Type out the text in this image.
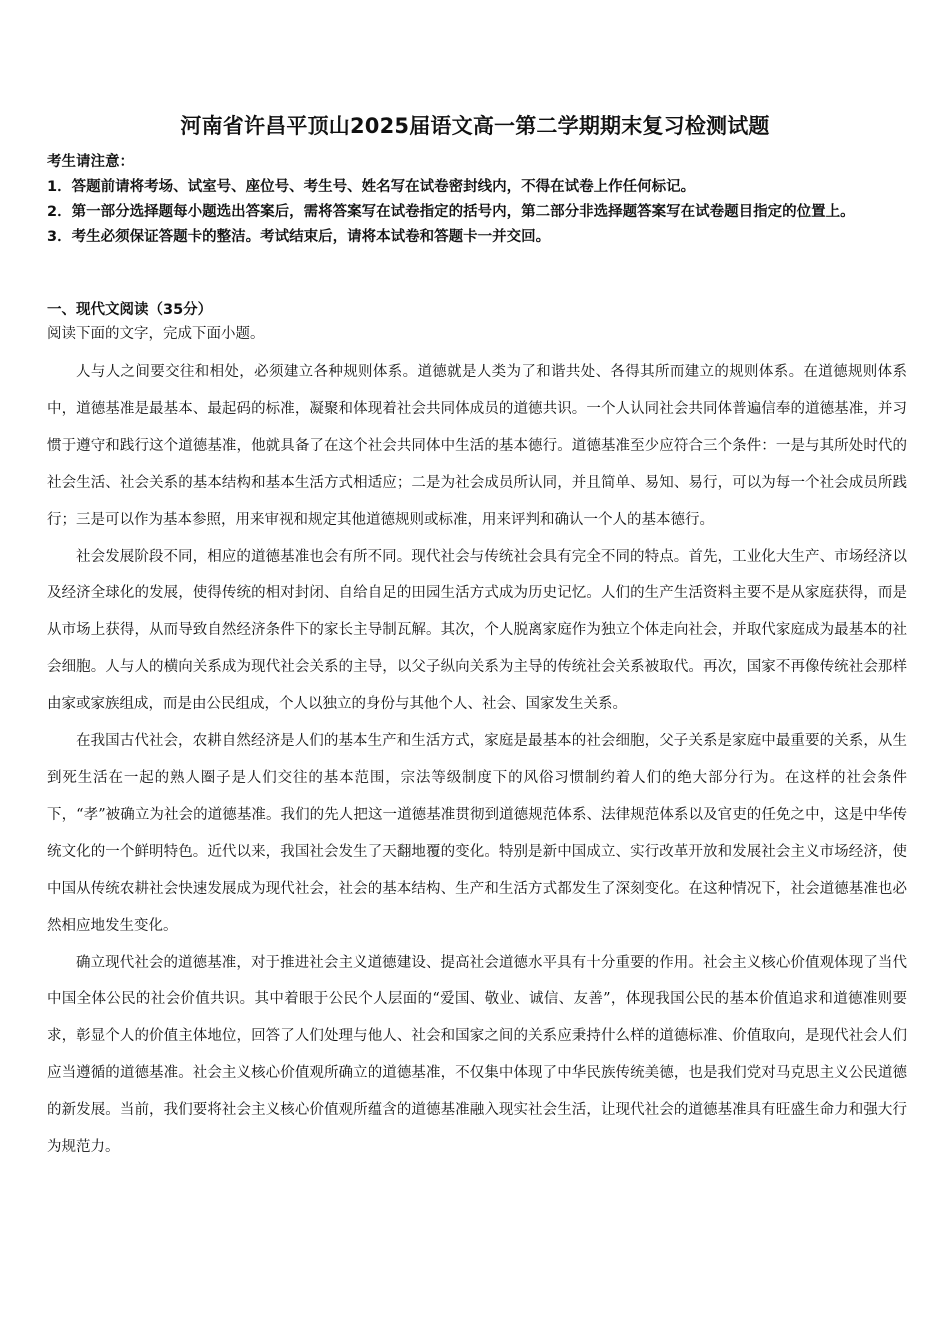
河南省许昌平顶山2025届语文高一第二学期期末复习检测试题
考生请注意：
1．答题前请将考场、试室号、座位号、考生号、姓名写在试卷密封线内，不得在试卷上作任何标记。
2．第一部分选择题每小题选出答案后，需将答案写在试卷指定的括号内，第二部分非选择题答案写在试卷题目指定的位置上。
3．考生必须保证答题卡的整洁。考试结束后，请将本试卷和答题卡一并交回。
一、现代文阅读（35分）
阅读下面的文字，完成下面小题。

人与人之间要交往和相处，必须建立各种规则体系。道德就是人类为了和谐共处、各得其所而建立的规则体系。在道德规则体系中，道德基准是最基本、最起码的标准，凝聚和体现着社会共同体成员的道德共识。一个人认同社会共同体普遍信奉的道德基准，并习惯于遵守和践行这个道德基准，他就具备了在这个社会共同体中生活的基本德行。道德基准至少应符合三个条件：一是与其所处时代的社会生活、社会关系的基本结构和基本生活方式相适应；二是为社会成员所认同，并且简单、易知、易行，可以为每一个社会成员所践行；三是可以作为基本参照，用来审视和规定其他道德规则或标准，用来评判和确认一个人的基本德行。

社会发展阶段不同，相应的道德基准也会有所不同。现代社会与传统社会具有完全不同的特点。首先，工业化大生产、市场经济以及经济全球化的发展，使得传统的相对封闭、自给自足的田园生活方式成为历史记忆。人们的生产生活资料主要不是从家庭获得，而是从市场上获得，从而导致自然经济条件下的家长主导制瓦解。其次，个人脱离家庭作为独立个体走向社会，并取代家庭成为最基本的社会细胞。人与人的横向关系成为现代社会关系的主导，以父子纵向关系为主导的传统社会关系被取代。再次，国家不再像传统社会那样由家或家族组成，而是由公民组成，个人以独立的身份与其他个人、社会、国家发生关系。

在我国古代社会，农耕自然经济是人们的基本生产和生活方式，家庭是最基本的社会细胞，父子关系是家庭中最重要的关系，从生到死生活在一起的熟人圈子是人们交往的基本范围，宗法等级制度下的风俗习惯制约着人们的绝大部分行为。在这样的社会条件下，“孝”被确立为社会的道德基准。我们的先人把这一道德基准贯彻到道德规范体系、法律规范体系以及官吏的任免之中，这是中华传统文化的一个鲜明特色。近代以来，我国社会发生了天翻地覆的变化。特别是新中国成立、实行改革开放和发展社会主义市场经济，使中国从传统农耕社会快速发展成为现代社会，社会的基本结构、生产和生活方式都发生了深刻变化。在这种情况下，社会道德基准也必然相应地发生变化。

确立现代社会的道德基准，对于推进社会主义道德建设、提高社会道德水平具有十分重要的作用。社会主义核心价值观体现了当代中国全体公民的社会价值共识。其中着眼于公民个人层面的“爱国、敬业、诚信、友善”，体现我国公民的基本价值追求和道德准则要求，彰显个人的价值主体地位，回答了人们处理与他人、社会和国家之间的关系应秉持什么样的道德标准、价值取向，是现代社会人们应当遵循的道德基准。社会主义核心价值观所确立的道德基准，不仅集中体现了中华民族传统美德，也是我们党对马克思主义公民道德的新发展。当前，我们要将社会主义核心价值观所蕴含的道德基准融入现实社会生活，让现代社会的道德基准具有旺盛生命力和强大行为规范力。
